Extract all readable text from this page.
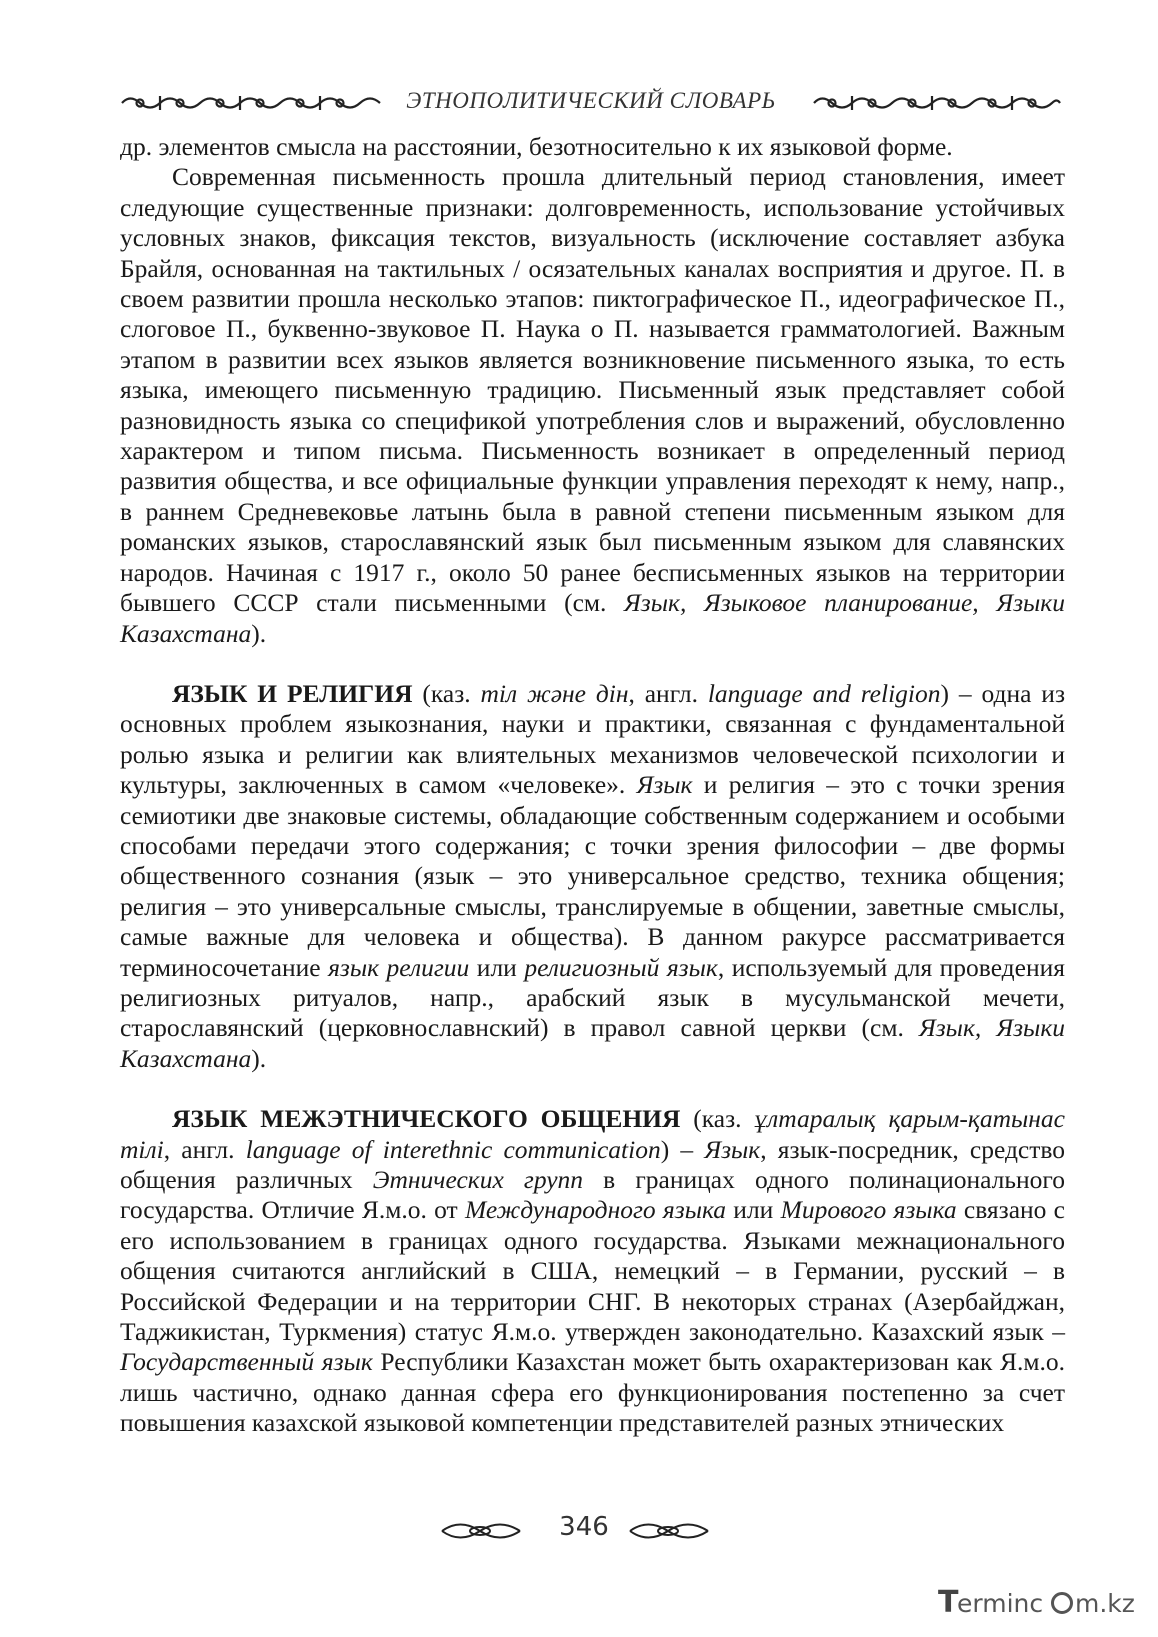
ЭТНОПОЛИТИЧЕСКИЙ СЛОВАРЬ

др. элементов смысла на расстоянии, безотносительно к их языковой форме.

Современная письменность прошла длительный период становления, имеет следующие существенные признаки: долговременность, использование устойчивых условных знаков, фиксация текстов, визуальность (исключение составляет азбука Брайля, основанная на тактильных / осязательных каналах восприятия и другое. П. в своем развитии прошла несколько этапов: пиктографическое П., идеографическое П., слоговое П., буквенно-звуковое П. Наука о П. называется грамматологией. Важным этапом в развитии всех языков является возникновение письменного языка, то есть языка, имеющего письменную традицию. Письменный язык представляет собой разновидность языка со спецификой употребления слов и выражений, обусловленно характером и типом письма. Письменность возникает в определенный период развития общества, и все официальные функции управления переходят к нему, напр., в раннем Средневековье латынь была в равной степени письменным языком для романских языков, старославянский язык был письменным языком для славянских народов. Начиная с 1917 г., около 50 ранее бесписьменных языков на территории бывшего СССР стали письменными (см. Язык, Языковое планирование, Языки Казахстана).

ЯЗЫК И РЕЛИГИЯ (каз. тіл және дін, англ. language and religion) – одна из основных проблем языкознания, науки и практики, связанная с фундаментальной ролью языка и религии как влиятельных механизмов человеческой психологии и культуры, заключенных в самом «человеке». Язык и религия – это с точки зрения семиотики две знаковые системы, обладающие собственным содержанием и особыми способами передачи этого содержания; с точки зрения философии – две формы общественного сознания (язык – это универсальное средство, техника общения; религия – это универсальные смыслы, транслируемые в общении, заветные смыслы, самые важные для человека и общества). В данном ракурсе рассматривается терминосочетание язык религии или религиозный язык, используемый для проведения религиозных ритуалов, напр., арабский язык в мусульманской мечети, старославянский (церковнославнский) в правол савной церкви (см. Язык, Языки Казахстана).

ЯЗЫК МЕЖЭТНИЧЕСКОГО ОБЩЕНИЯ (каз. ұлтаралық қарым-қатынас тілі, англ. language of interethnic communication) – Язык, язык-посредник, средство общения различных Этнических групп в границах одного полинационального государства. Отличие Я.м.о. от Международного языка или Мирового языка связано с его использованием в границах одного государства. Языками межнационального общения считаются английский в США, немецкий – в Германии, русский – в Российской Федерации и на территории СНГ. В некоторых странах (Азербайджан, Таджикистан, Туркмения) статус Я.м.о. утвержден законодательно. Казахский язык – Государственный язык Республики Казахстан может быть охарактеризован как Я.м.о. лишь частично, однако данная сфера его функционирования постепенно за счет повышения казахской языковой компетенции представителей разных этнических

346
T
erminc m.kz
